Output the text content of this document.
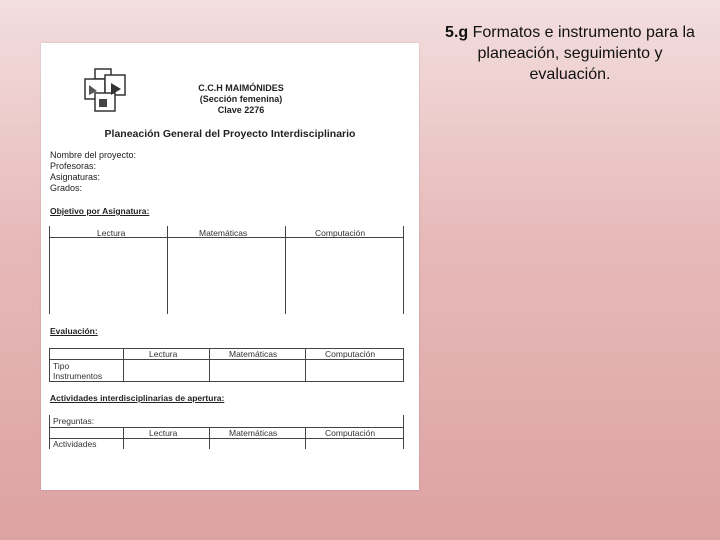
5.g Formatos e instrumento para la planeación, seguimiento y evaluación.
C.C.H MAIMÓNIDES
(Sección femenina)
Clave 2276
Planeación General del Proyecto Interdisciplinario
Nombre del proyecto:
Profesoras:
Asignaturas:
Grados:
Objetivo por Asignatura:
Lectura	Matemáticas	Computación
Evaluación:
Lectura	Matemáticas	Computación
Tipo
Instrumentos
Actividades interdisciplinarias de apertura:
Preguntas:
Lectura	Matemáticas	Computación
Actividades
